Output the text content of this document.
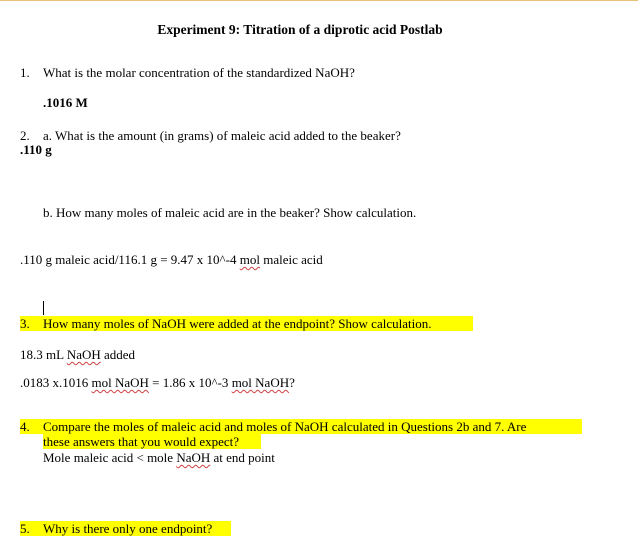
Experiment 9: Titration of a diprotic acid Postlab
1. What is the molar concentration of the standardized NaOH?
.1016 M
2. a. What is the amount (in grams) of maleic acid added to the beaker?
.110 g
b. How many moles of maleic acid are in the beaker? Show calculation.
.110 g maleic acid/116.1 g = 9.47 x 10^-4 mol maleic acid
3. How many moles of NaOH were added at the endpoint? Show calculation.
18.3 mL NaOH added
.0183 x.1016 mol NaOH = 1.86 x 10^-3 mol NaOH?
4. Compare the moles of maleic acid and moles of NaOH calculated in Questions 2b and 7. Are
these answers that you would expect?
Mole maleic acid < mole NaOH at end point
5. Why is there only one endpoint?
